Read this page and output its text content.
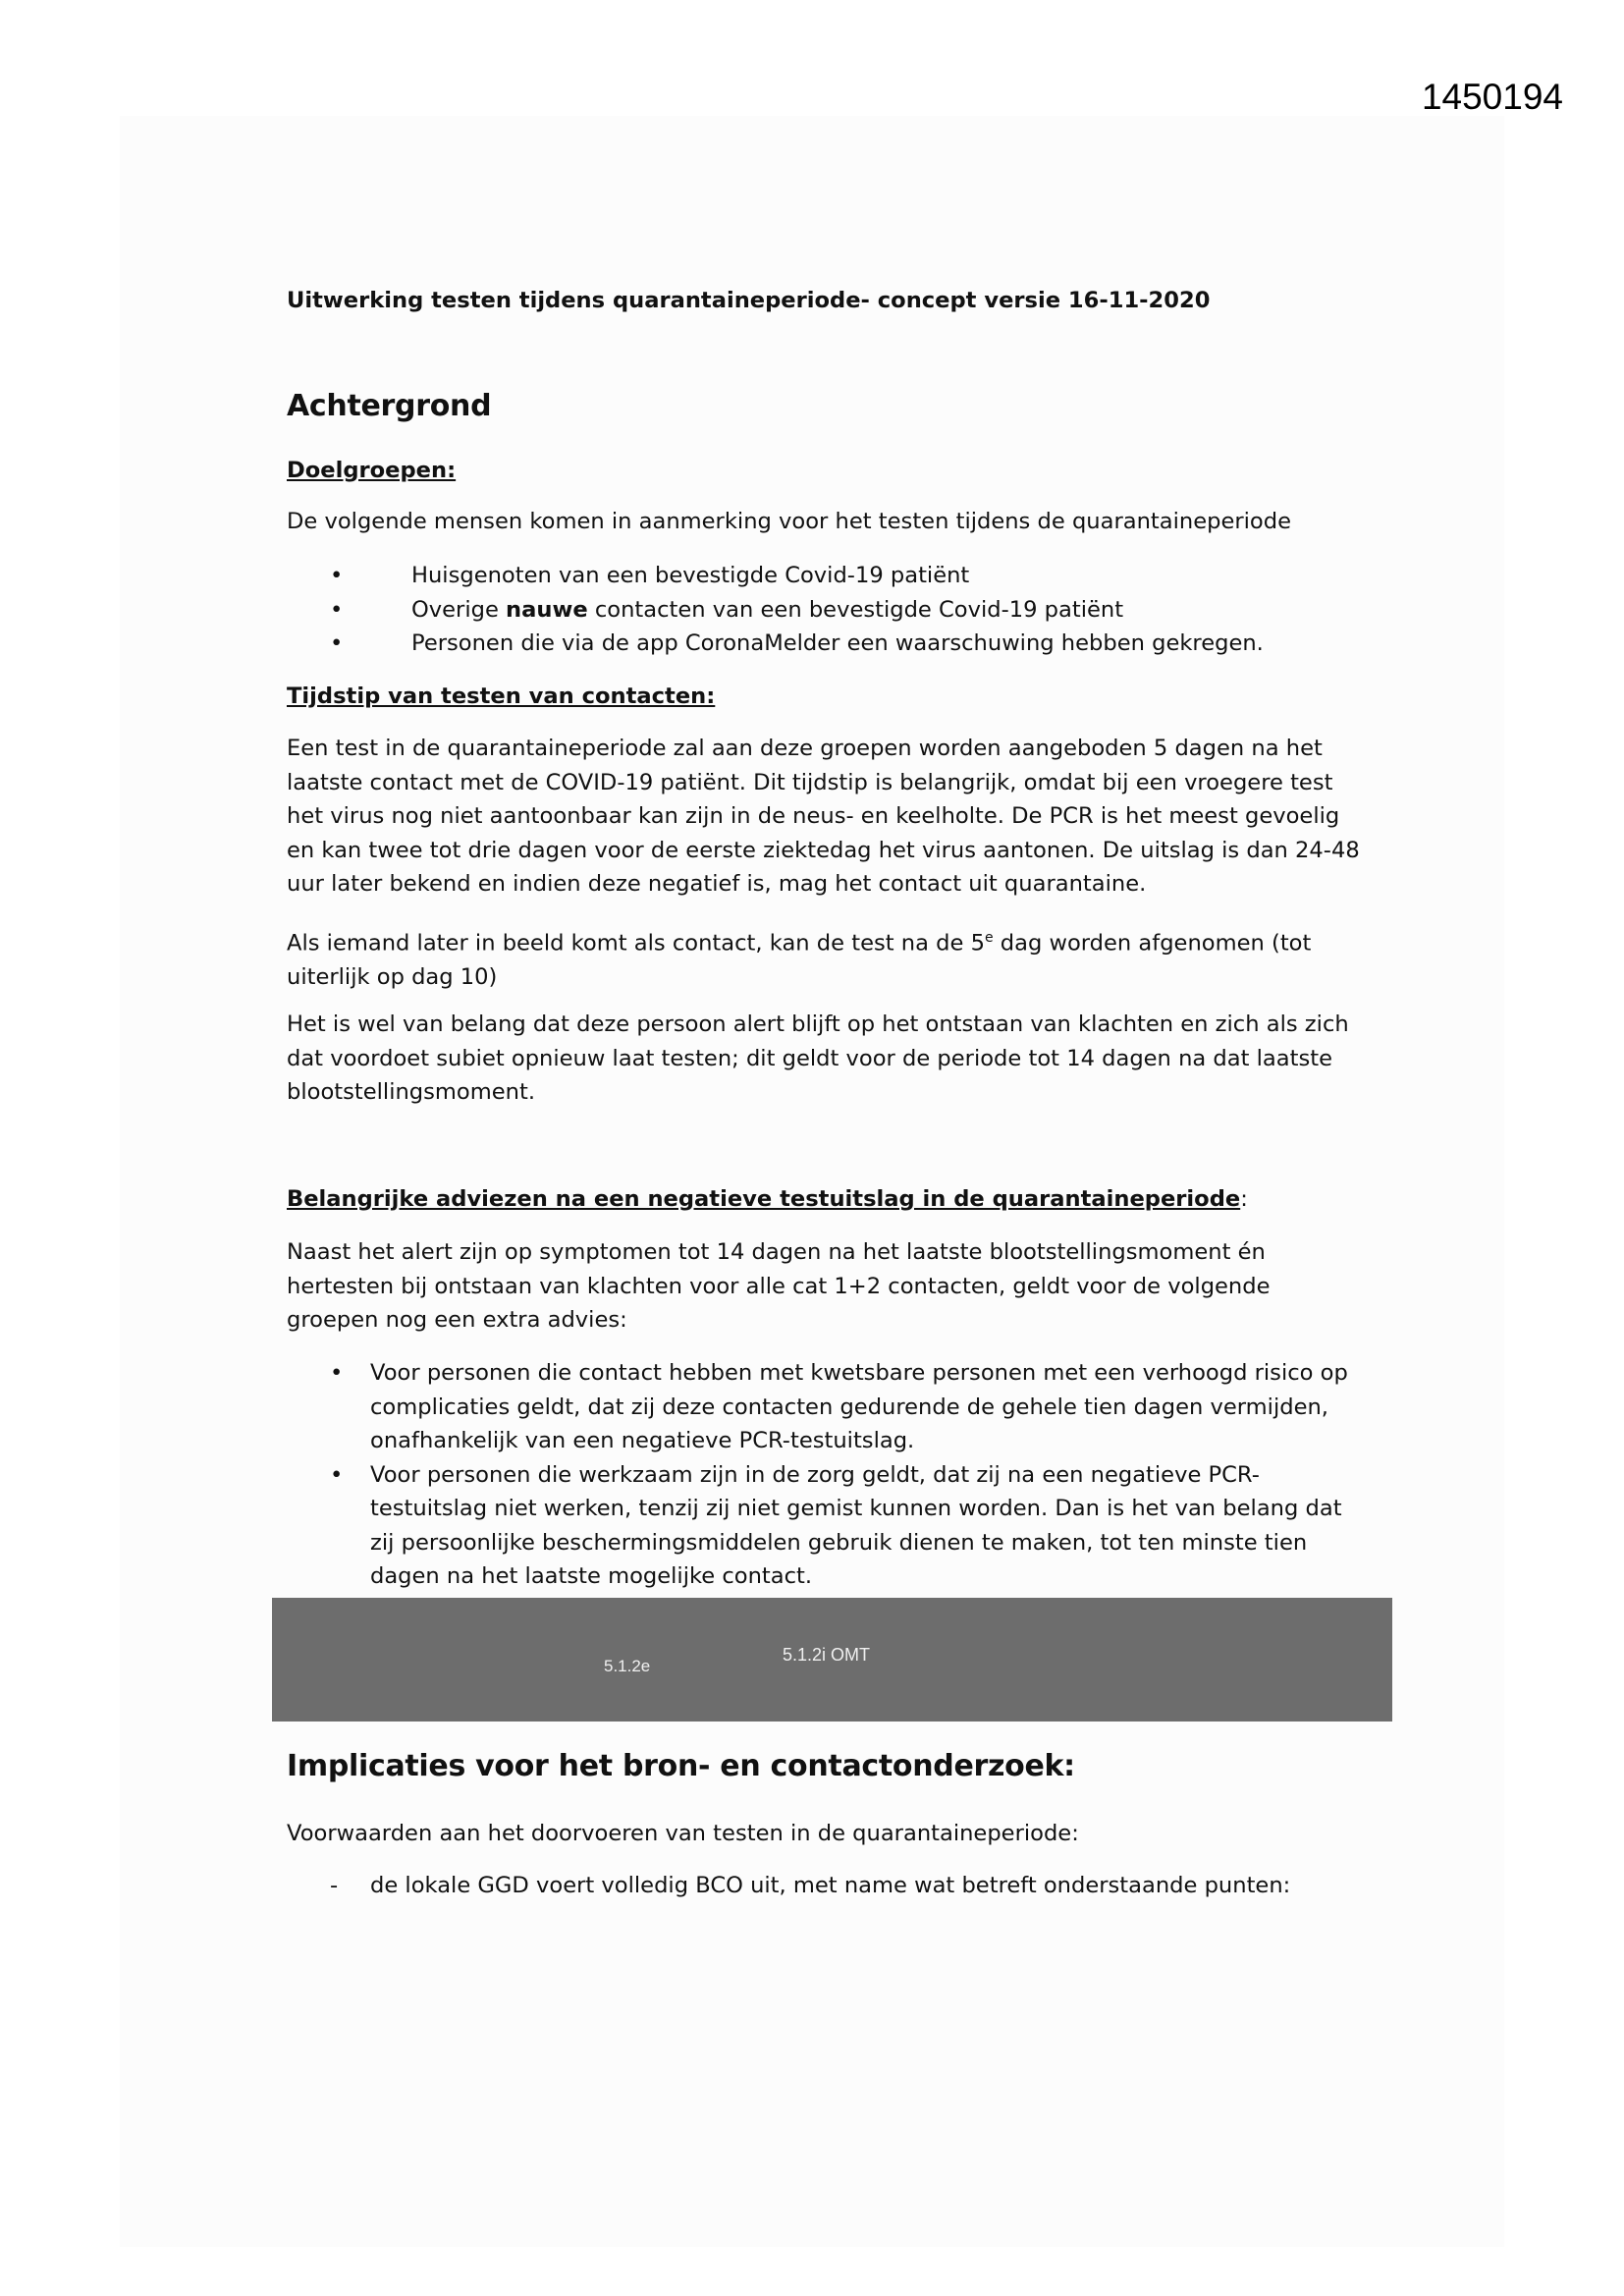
1450194

Uitwerking testen tijdens quarantaineperiode- concept versie 16-11-2020

Achtergrond

Doelgroepen:

De volgende mensen komen in aanmerking voor het testen tijdens de quarantaineperiode

•	Huisgenoten van een bevestigde Covid-19 patiënt
•	Overige nauwe contacten van een bevestigde Covid-19 patiënt
•	Personen die via de app CoronaMelder een waarschuwing hebben gekregen.

Tijdstip van testen van contacten:

Een test in de quarantaineperiode zal aan deze groepen worden aangeboden 5 dagen na het laatste contact met de COVID-19 patiënt. Dit tijdstip is belangrijk, omdat bij een vroegere test het virus nog niet aantoonbaar kan zijn in de neus- en keelholte. De PCR is het meest gevoelig en kan twee tot drie dagen voor de eerste ziektedag het virus aantonen. De uitslag is dan 24-48 uur later bekend en indien deze negatief is, mag het contact uit quarantaine.

Als iemand later in beeld komt als contact, kan de test na de 5e dag worden afgenomen (tot uiterlijk op dag 10)

Het is wel van belang dat deze persoon alert blijft op het ontstaan van klachten en zich als zich dat voordoet subiet opnieuw laat testen; dit geldt voor de periode tot 14 dagen na dat laatste blootstellingsmoment.

Belangrijke adviezen na een negatieve testuitslag in de quarantaineperiode:

Naast het alert zijn op symptomen tot 14 dagen na het laatste blootstellingsmoment én hertesten bij ontstaan van klachten voor alle cat 1+2 contacten, geldt voor de volgende groepen nog een extra advies:

• Voor personen die contact hebben met kwetsbare personen met een verhoogd risico op complicaties geldt, dat zij deze contacten gedurende de gehele tien dagen vermijden, onafhankelijk van een negatieve PCR-testuitslag.
• Voor personen die werkzaam zijn in de zorg geldt, dat zij na een negatieve PCR-testuitslag niet werken, tenzij zij niet gemist kunnen worden. Dan is het van belang dat zij persoonlijke beschermingsmiddelen gebruik dienen te maken, tot ten minste tien dagen na het laatste mogelijke contact.

Implicaties voor het bron- en contactonderzoek:

Voorwaarden aan het doorvoeren van testen in de quarantaineperiode:

- de lokale GGD voert volledig BCO uit, met name wat betreft onderstaande punten:
5.1.2e
5.1.2i OMT
